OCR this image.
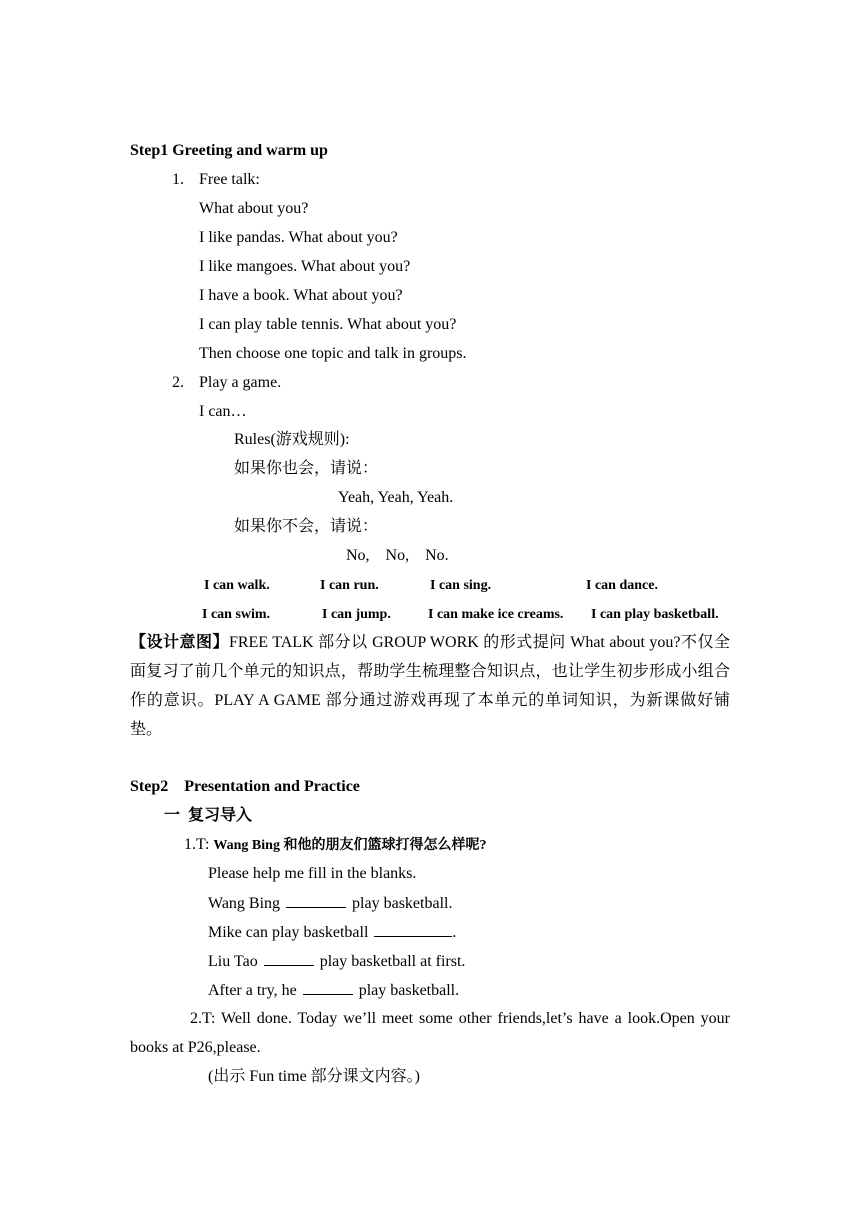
Step1 Greeting and warm up
1. Free talk:
What about you?
I like pandas. What about you?
I like mangoes. What about you?
I have a book. What about you?
I can play table tennis. What about you?
Then choose one topic and talk in groups.
2. Play a game.
I can…
Rules(游戏规则):
如果你也会，请说：
Yeah, Yeah, Yeah.
如果你不会，请说：
No,    No,    No.
I can walk.	I can run.	I can sing.	I can dance.
I can swim.	I can jump.	I can make ice creams. I can play basketball.
【设计意图】FREE TALK 部分以 GROUP WORK 的形式提问 What about you?不仅全面复习了前几个单元的知识点，帮助学生梳理整合知识点，也让学生初步形成小组合作的意识。PLAY A GAME 部分通过游戏再现了本单元的单词知识，为新课做好铺垫。
Step2    Presentation and Practice
一  复习导入
1.T: Wang Bing 和他的朋友们篮球打得怎么样呢?
Please help me fill in the blanks.
Wang Bing	play basketball.
Mike can play basketball	.
Liu Tao	play basketball at first.
After a try, he	play basketball.
2.T: Well done. Today we’ll meet some other friends,let’s have a look.Open your books at P26,please.
(出示 Fun time 部分课文内容。)
